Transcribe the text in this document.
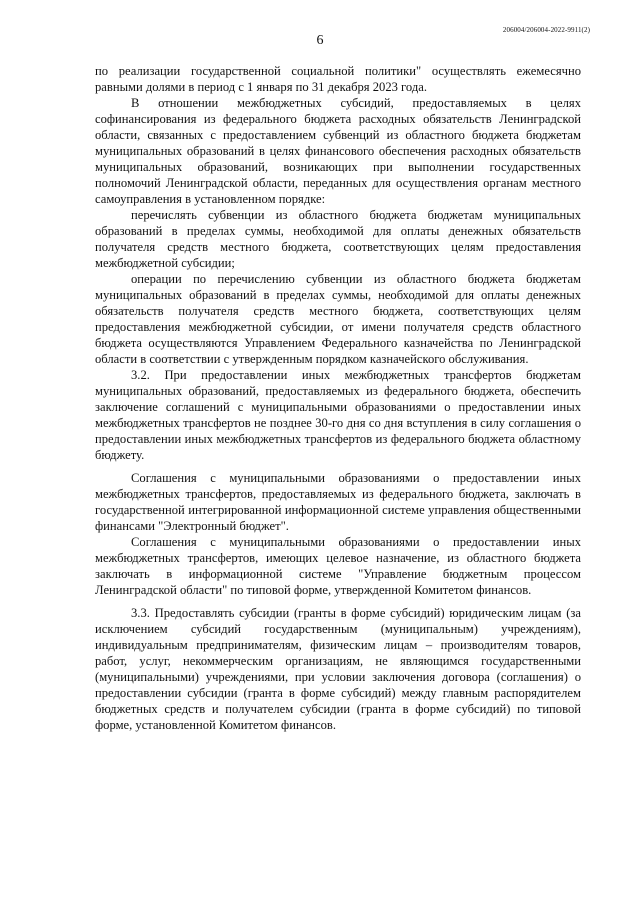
206004/206004-2022-9911(2)
6

по реализации государственной социальной политики" осуществлять ежемесячно равными долями в период с 1 января по 31 декабря 2023 года.

В отношении межбюджетных субсидий, предоставляемых в целях софинансирования из федерального бюджета расходных обязательств Ленинградской области, связанных с предоставлением субвенций из областного бюджета бюджетам муниципальных образований в целях финансового обеспечения расходных обязательств муниципальных образований, возникающих при выполнении государственных полномочий Ленинградской области, переданных для осуществления органам местного самоуправления в установленном порядке:

перечислять субвенции из областного бюджета бюджетам муниципальных образований в пределах суммы, необходимой для оплаты денежных обязательств получателя средств местного бюджета, соответствующих целям предоставления межбюджетной субсидии;

операции по перечислению субвенции из областного бюджета бюджетам муниципальных образований в пределах суммы, необходимой для оплаты денежных обязательств получателя средств местного бюджета, соответствующих целям предоставления межбюджетной субсидии, от имени получателя средств областного бюджета осуществляются Управлением Федерального казначейства по Ленинградской области в соответствии с утвержденным порядком казначейского обслуживания.

3.2. При предоставлении иных межбюджетных трансфертов бюджетам муниципальных образований, предоставляемых из федерального бюджета, обеспечить заключение соглашений с муниципальными образованиями о предоставлении иных межбюджетных трансфертов не позднее 30-го дня со дня вступления в силу соглашения о предоставлении иных межбюджетных трансфертов из федерального бюджета областному бюджету.

Соглашения с муниципальными образованиями о предоставлении иных межбюджетных трансфертов, предоставляемых из федерального бюджета, заключать в государственной интегрированной информационной системе управления общественными финансами "Электронный бюджет".

Соглашения с муниципальными образованиями о предоставлении иных межбюджетных трансфертов, имеющих целевое назначение, из областного бюджета заключать в информационной системе "Управление бюджетным процессом Ленинградской области" по типовой форме, утвержденной Комитетом финансов.

3.3. Предоставлять субсидии (гранты в форме субсидий) юридическим лицам (за исключением субсидий государственным (муниципальным) учреждениям), индивидуальным предпринимателям, физическим лицам – производителям товаров, работ, услуг, некоммерческим организациям, не являющимся государственными (муниципальными) учреждениями, при условии заключения договора (соглашения) о предоставлении субсидии (гранта в форме субсидий) между главным распорядителем бюджетных средств и получателем субсидии (гранта в форме субсидий) по типовой форме, установленной Комитетом финансов.
